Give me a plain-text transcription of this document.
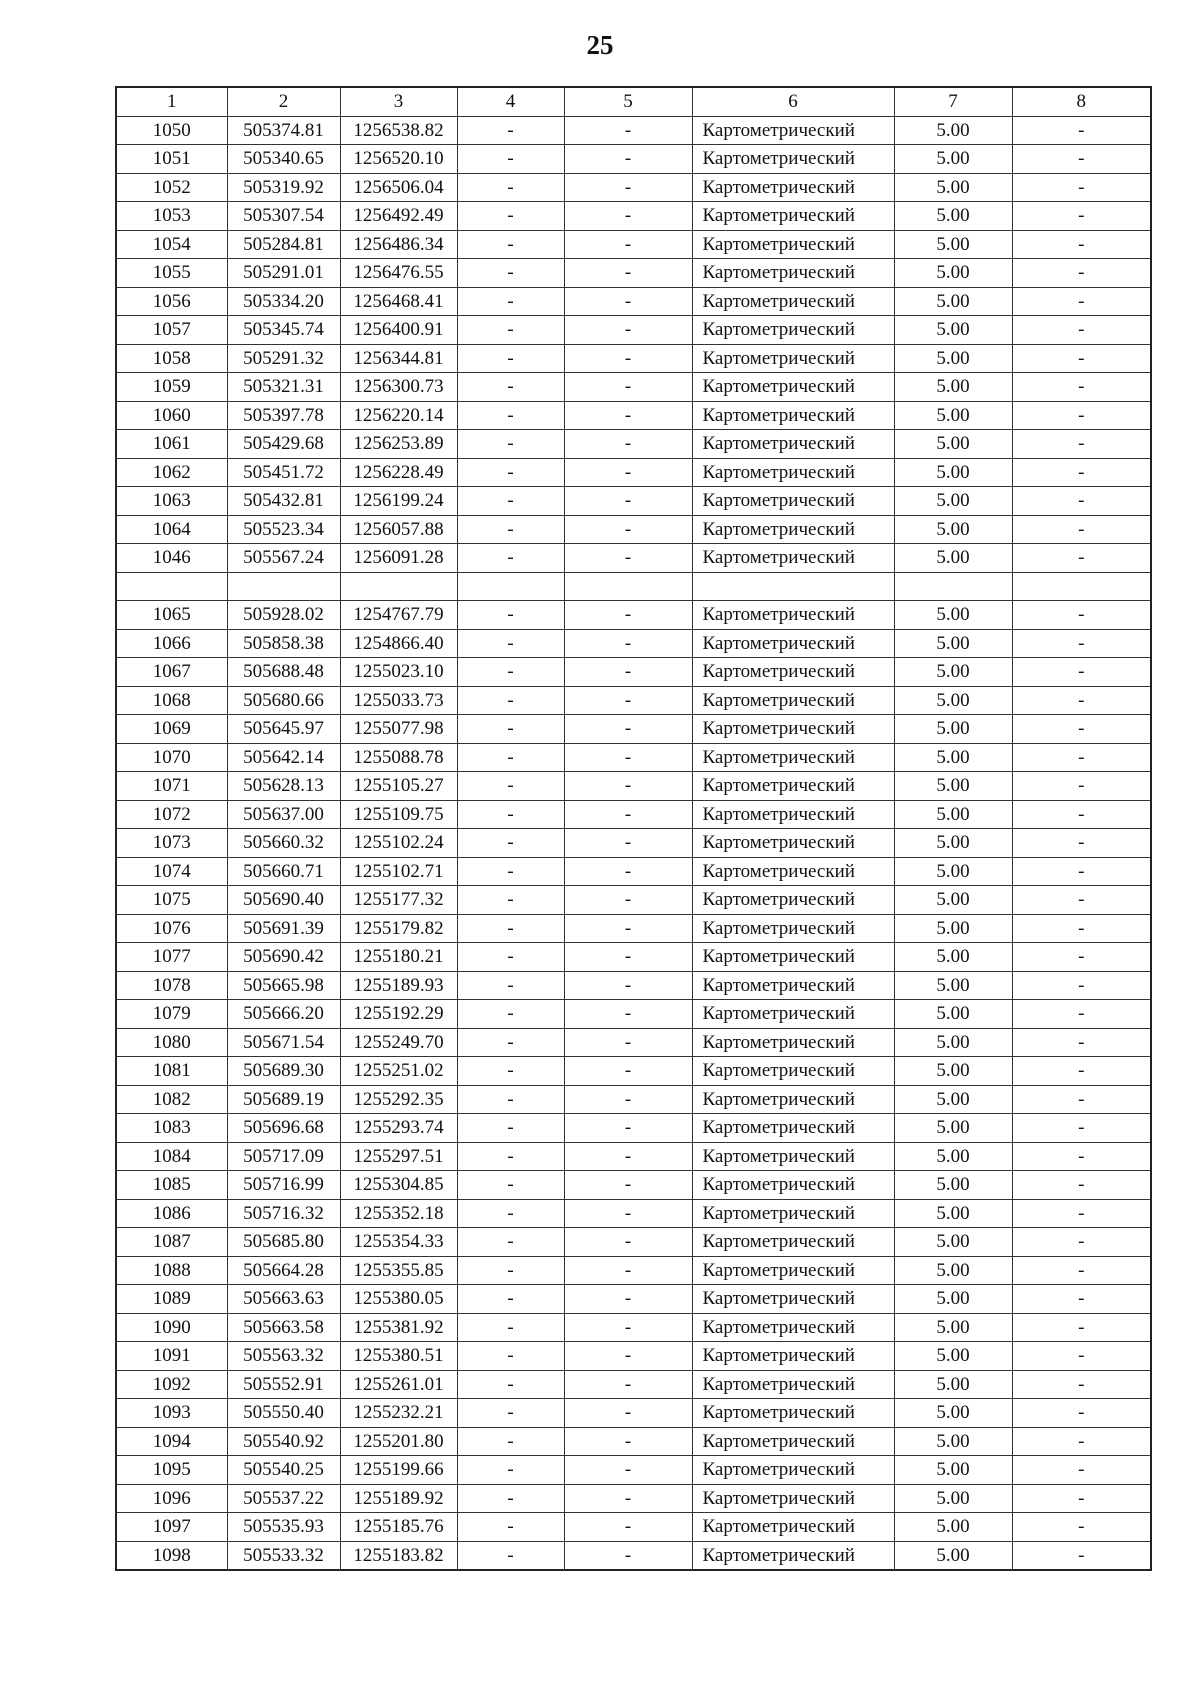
25
1	2	3	4	5	6	7	8
1050	505374.81	1256538.82	-	-	Картометрический	5.00	-
1051	505340.65	1256520.10	-	-	Картометрический	5.00	-
1052	505319.92	1256506.04	-	-	Картометрический	5.00	-
1053	505307.54	1256492.49	-	-	Картометрический	5.00	-
1054	505284.81	1256486.34	-	-	Картометрический	5.00	-
1055	505291.01	1256476.55	-	-	Картометрический	5.00	-
1056	505334.20	1256468.41	-	-	Картометрический	5.00	-
1057	505345.74	1256400.91	-	-	Картометрический	5.00	-
1058	505291.32	1256344.81	-	-	Картометрический	5.00	-
1059	505321.31	1256300.73	-	-	Картометрический	5.00	-
1060	505397.78	1256220.14	-	-	Картометрический	5.00	-
1061	505429.68	1256253.89	-	-	Картометрический	5.00	-
1062	505451.72	1256228.49	-	-	Картометрический	5.00	-
1063	505432.81	1256199.24	-	-	Картометрический	5.00	-
1064	505523.34	1256057.88	-	-	Картометрический	5.00	-
1046	505567.24	1256091.28	-	-	Картометрический	5.00	-

1065	505928.02	1254767.79	-	-	Картометрический	5.00	-
1066	505858.38	1254866.40	-	-	Картометрический	5.00	-
1067	505688.48	1255023.10	-	-	Картометрический	5.00	-
1068	505680.66	1255033.73	-	-	Картометрический	5.00	-
1069	505645.97	1255077.98	-	-	Картометрический	5.00	-
1070	505642.14	1255088.78	-	-	Картометрический	5.00	-
1071	505628.13	1255105.27	-	-	Картометрический	5.00	-
1072	505637.00	1255109.75	-	-	Картометрический	5.00	-
1073	505660.32	1255102.24	-	-	Картометрический	5.00	-
1074	505660.71	1255102.71	-	-	Картометрический	5.00	-
1075	505690.40	1255177.32	-	-	Картометрический	5.00	-
1076	505691.39	1255179.82	-	-	Картометрический	5.00	-
1077	505690.42	1255180.21	-	-	Картометрический	5.00	-
1078	505665.98	1255189.93	-	-	Картометрический	5.00	-
1079	505666.20	1255192.29	-	-	Картометрический	5.00	-
1080	505671.54	1255249.70	-	-	Картометрический	5.00	-
1081	505689.30	1255251.02	-	-	Картометрический	5.00	-
1082	505689.19	1255292.35	-	-	Картометрический	5.00	-
1083	505696.68	1255293.74	-	-	Картометрический	5.00	-
1084	505717.09	1255297.51	-	-	Картометрический	5.00	-
1085	505716.99	1255304.85	-	-	Картометрический	5.00	-
1086	505716.32	1255352.18	-	-	Картометрический	5.00	-
1087	505685.80	1255354.33	-	-	Картометрический	5.00	-
1088	505664.28	1255355.85	-	-	Картометрический	5.00	-
1089	505663.63	1255380.05	-	-	Картометрический	5.00	-
1090	505663.58	1255381.92	-	-	Картометрический	5.00	-
1091	505563.32	1255380.51	-	-	Картометрический	5.00	-
1092	505552.91	1255261.01	-	-	Картометрический	5.00	-
1093	505550.40	1255232.21	-	-	Картометрический	5.00	-
1094	505540.92	1255201.80	-	-	Картометрический	5.00	-
1095	505540.25	1255199.66	-	-	Картометрический	5.00	-
1096	505537.22	1255189.92	-	-	Картометрический	5.00	-
1097	505535.93	1255185.76	-	-	Картометрический	5.00	-
1098	505533.32	1255183.82	-	-	Картометрический	5.00	-
